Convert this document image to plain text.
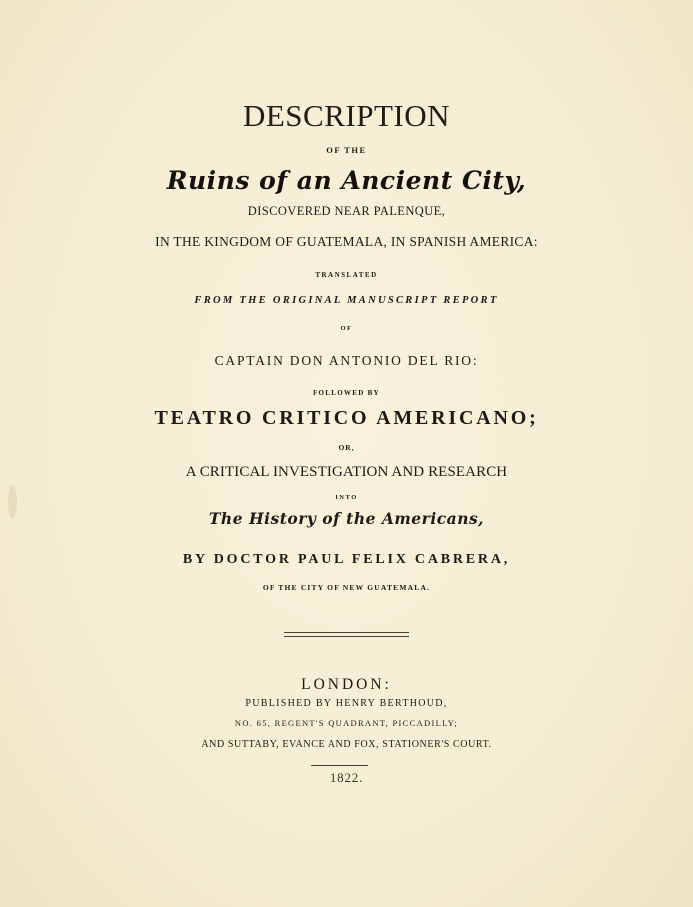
DESCRIPTION
OF THE
Ruins of an Ancient City,
DISCOVERED NEAR PALENQUE,
IN THE KINGDOM OF GUATEMALA, IN SPANISH AMERICA:
TRANSLATED
FROM THE ORIGINAL MANUSCRIPT REPORT
OF
CAPTAIN DON ANTONIO DEL RIO:
FOLLOWED BY
TEATRO CRITICO AMERICANO;
OR,
A CRITICAL INVESTIGATION AND RESEARCH
INTO
The History of the Americans,
BY DOCTOR PAUL FELIX CABRERA,
OF THE CITY OF NEW GUATEMALA.
LONDON:
PUBLISHED BY HENRY BERTHOUD,
NO. 65, REGENT'S QUADRANT, PICCADILLY;
AND SUTTABY, EVANCE AND FOX, STATIONER'S COURT.
1822.
